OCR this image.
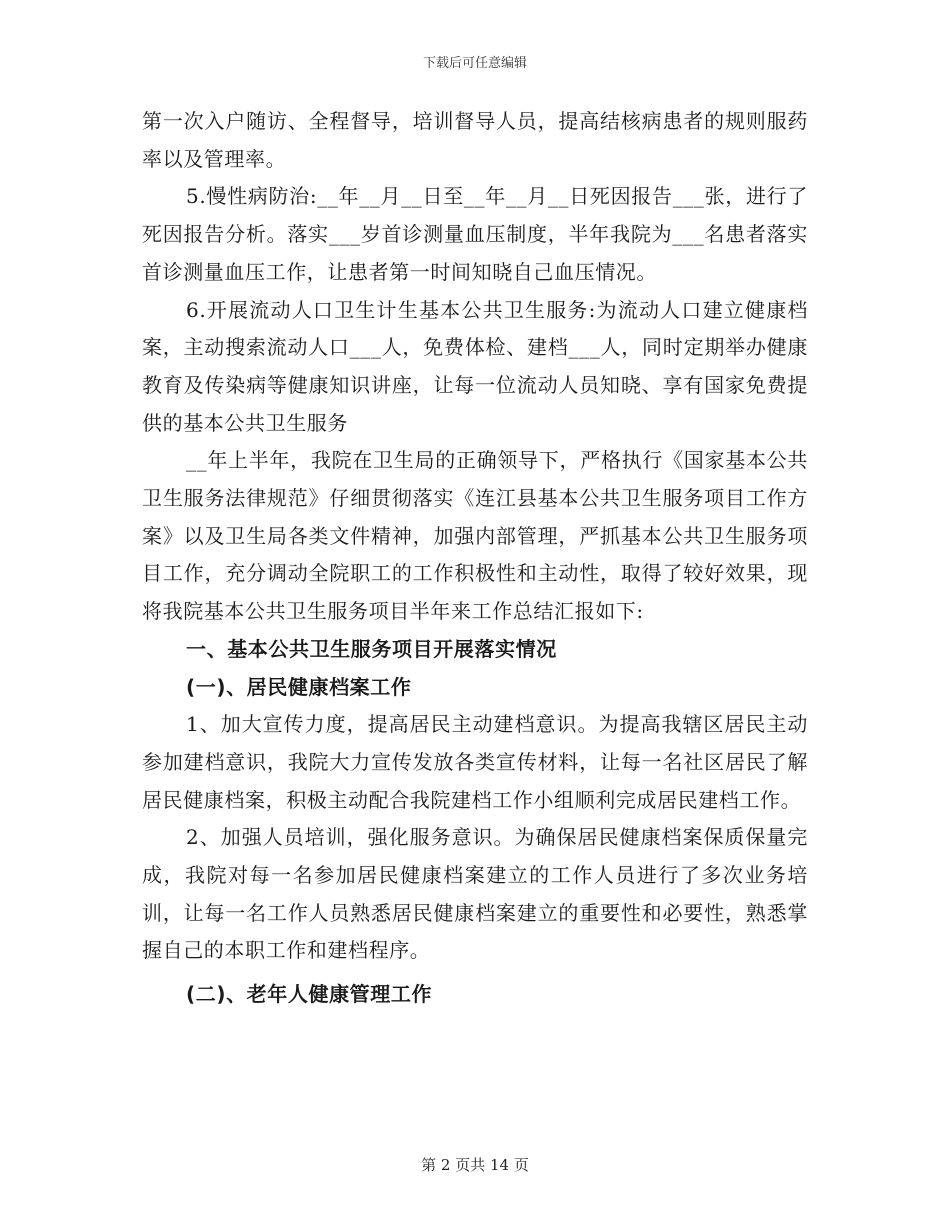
下载后可任意编辑

第一次入户随访、全程督导，培训督导人员，提高结核病患者的规则服药率以及管理率。

5.慢性病防治:__年__月__日至__年__月__日死因报告___张，进行了死因报告分析。落实___岁首诊测量血压制度，半年我院为___名患者落实首诊测量血压工作，让患者第一时间知晓自己血压情况。

6.开展流动人口卫生计生基本公共卫生服务:为流动人口建立健康档案，主动搜索流动人口___人，免费体检、建档___人，同时定期举办健康教育及传染病等健康知识讲座，让每一位流动人员知晓、享有国家免费提供的基本公共卫生服务

__年上半年，我院在卫生局的正确领导下，严格执行《国家基本公共卫生服务法律规范》仔细贯彻落实《连江县基本公共卫生服务项目工作方案》以及卫生局各类文件精神，加强内部管理，严抓基本公共卫生服务项目工作，充分调动全院职工的工作积极性和主动性，取得了较好效果，现将我院基本公共卫生服务项目半年来工作总结汇报如下:

一、基本公共卫生服务项目开展落实情况

(一)、居民健康档案工作

1、加大宣传力度，提高居民主动建档意识。为提高我辖区居民主动参加建档意识，我院大力宣传发放各类宣传材料，让每一名社区居民了解居民健康档案，积极主动配合我院建档工作小组顺利完成居民建档工作。

2、加强人员培训，强化服务意识。为确保居民健康档案保质保量完成，我院对每一名参加居民健康档案建立的工作人员进行了多次业务培训，让每一名工作人员熟悉居民健康档案建立的重要性和必要性，熟悉掌握自己的本职工作和建档程序。

(二)、老年人健康管理工作

第 2 页共 14 页
